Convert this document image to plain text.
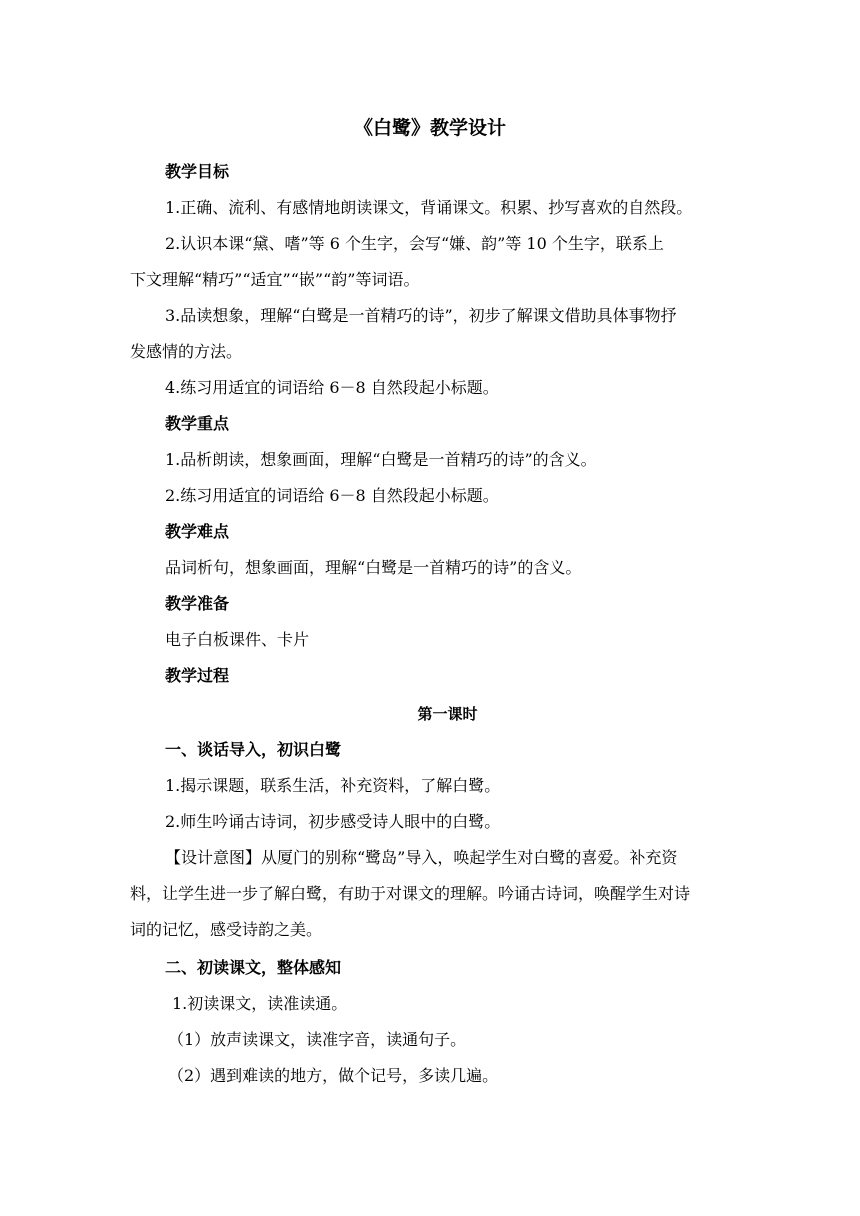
《白鹭》教学设计
教学目标
1.正确、流利、有感情地朗读课文，背诵课文。积累、抄写喜欢的自然段。
2.认识本课“黛、嗜”等 6 个生字，会写“嫌、韵”等 10 个生字，联系上
下文理解“精巧”“适宜”“嵌”“韵”等词语。
3.品读想象，理解“白鹭是一首精巧的诗”，初步了解课文借助具体事物抒
发感情的方法。
4.练习用适宜的词语给 6－8 自然段起小标题。
教学重点
1.品析朗读，想象画面，理解“白鹭是一首精巧的诗”的含义。
2.练习用适宜的词语给 6－8 自然段起小标题。
教学难点
品词析句，想象画面，理解“白鹭是一首精巧的诗”的含义。
教学准备
电子白板课件、卡片
教学过程
第一课时
一、谈话导入，初识白鹭
1.揭示课题，联系生活，补充资料，了解白鹭。
2.师生吟诵古诗词，初步感受诗人眼中的白鹭。
【设计意图】从厦门的别称“鹭岛”导入，唤起学生对白鹭的喜爱。补充资
料，让学生进一步了解白鹭，有助于对课文的理解。吟诵古诗词，唤醒学生对诗
词的记忆，感受诗韵之美。
二、初读课文，整体感知
1.初读课文，读准读通。
（1）放声读课文，读准字音，读通句子。
（2）遇到难读的地方，做个记号，多读几遍。
